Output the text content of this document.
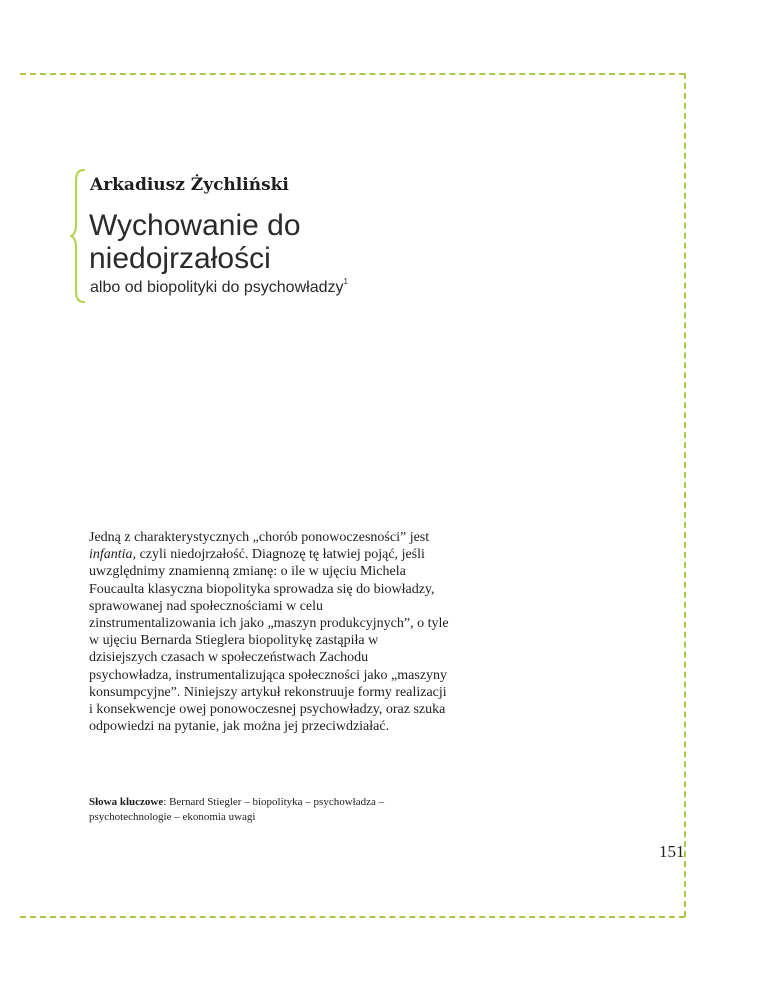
Arkadiusz Żychliński
Wychowanie do niedojrzałości
albo od biopolityki do psychowładzy$^1$

Jedną z charakterystycznych „chorób ponowoczesności” jest infantia, czyli niedojrzałość. Diagnozę tę łatwiej pojąć, jeśli uwzględnimy znamienną zmianę: o ile w ujęciu Michela Foucaulta klasyczna biopolityka sprowadza się do biowładzy, sprawowanej nad społecznościami w celu zinstrumentalizowania ich jako „maszyn produkcyjnych”, o tyle w ujęciu Bernarda Stieglera biopolitykę zastąpiła w dzisiejszych czasach w społeczeństwach Zachodu psychowładza, instrumentalizująca społeczności jako „maszyny konsumpcyjne”. Niniejszy artykuł rekonstruuje formy realizacji i konsekwencje owej ponowoczesnej psychowładzy, oraz szuka odpowiedzi na pytanie, jak można jej przeciwdziałać.

Słowa kluczowe: Bernard Stiegler – biopolityka – psychowładza – psychotechnologie – ekonomia uwagi
151
